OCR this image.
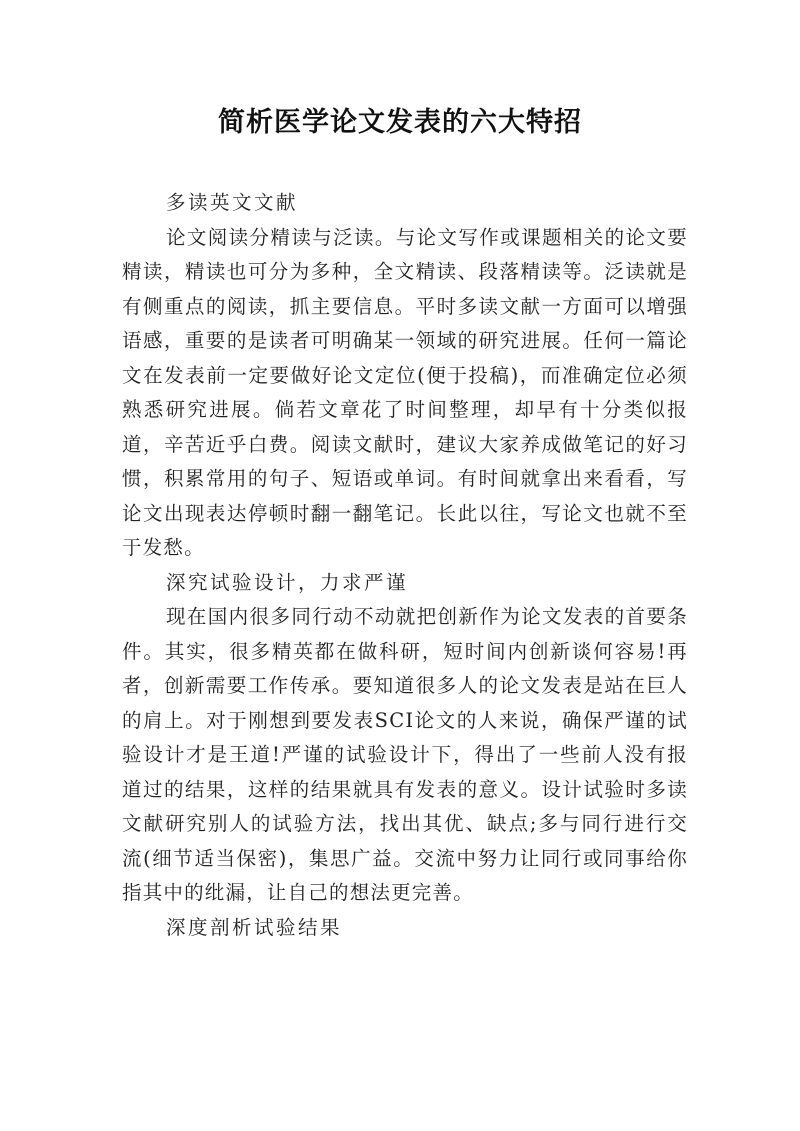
简析医学论文发表的六大特招
多读英文文献

论文阅读分精读与泛读。与论文写作或课题相关的论文要精读，精读也可分为多种，全文精读、段落精读等。泛读就是有侧重点的阅读，抓主要信息。平时多读文献一方面可以增强语感，重要的是读者可明确某一领域的研究进展。任何一篇论文在发表前一定要做好论文定位(便于投稿)，而准确定位必须熟悉研究进展。倘若文章花了时间整理，却早有十分类似报道，辛苦近乎白费。阅读文献时，建议大家养成做笔记的好习惯，积累常用的句子、短语或单词。有时间就拿出来看看，写论文出现表达停顿时翻一翻笔记。长此以往，写论文也就不至于发愁。

深究试验设计，力求严谨

现在国内很多同行动不动就把创新作为论文发表的首要条件。其实，很多精英都在做科研，短时间内创新谈何容易!再者，创新需要工作传承。要知道很多人的论文发表是站在巨人的肩上。对于刚想到要发表SCI论文的人来说，确保严谨的试验设计才是王道!严谨的试验设计下，得出了一些前人没有报道过的结果，这样的结果就具有发表的意义。设计试验时多读文献研究别人的试验方法，找出其优、缺点;多与同行进行交流(细节适当保密)，集思广益。交流中努力让同行或同事给你指其中的纰漏，让自己的想法更完善。

深度剖析试验结果
